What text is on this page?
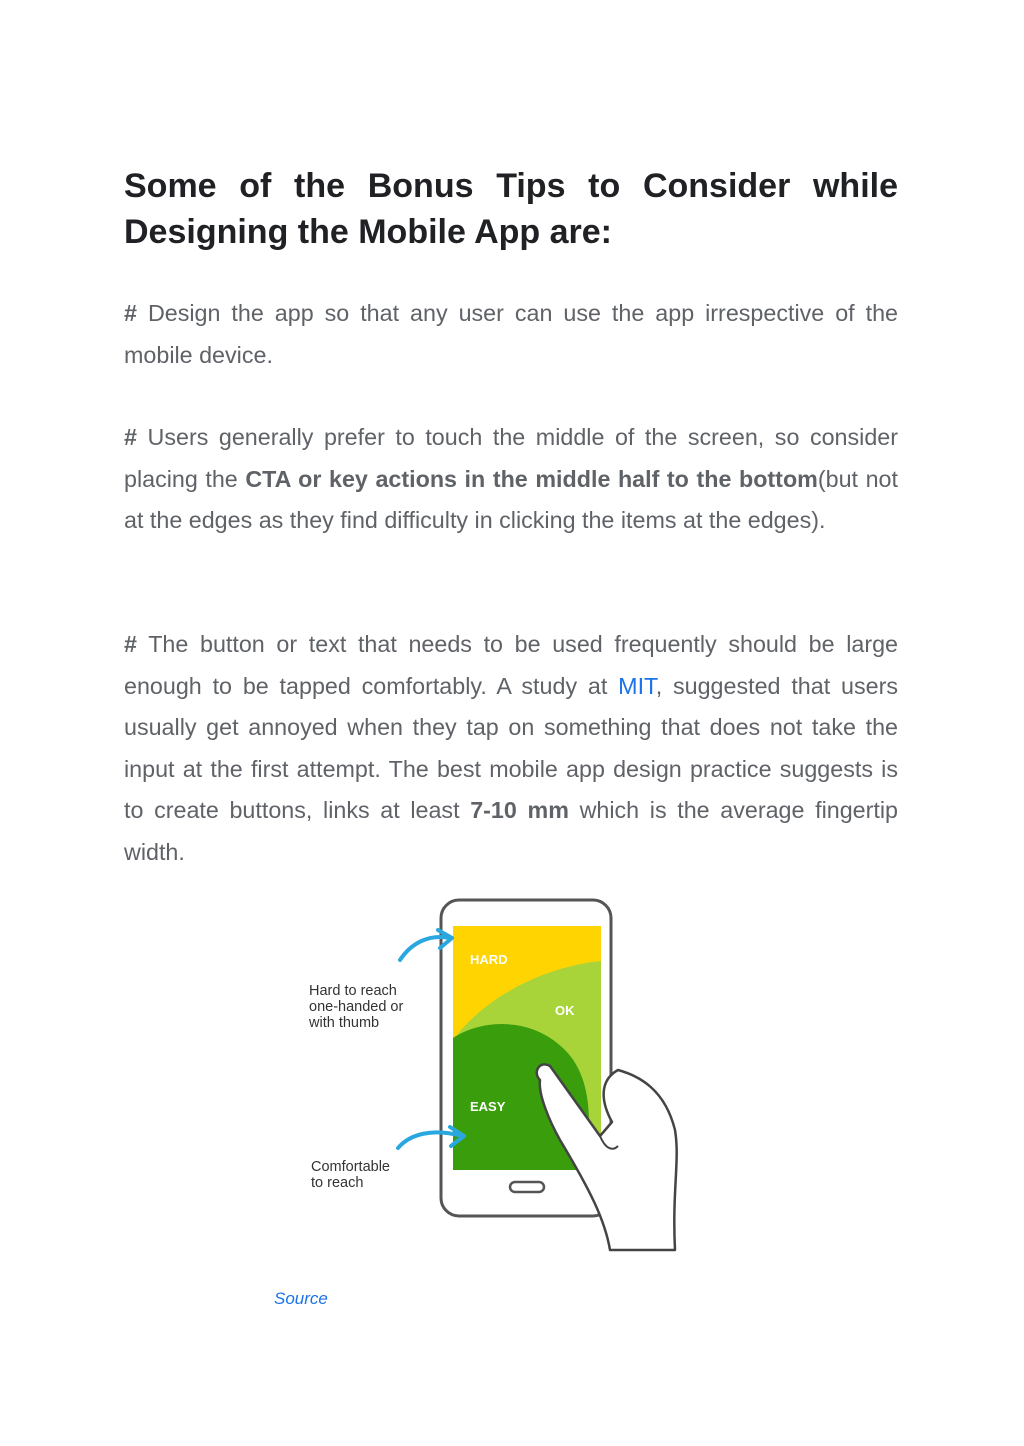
Some of the Bonus Tips to Consider while Designing the Mobile App are:

# Design the app so that any user can use the app irrespective of the mobile device.

# Users generally prefer to touch the middle of the screen, so consider placing the CTA or key actions in the middle half to the bottom(but not at the edges as they find difficulty in clicking the items at the edges).

# The button or text that needs to be used frequently should be large enough to be tapped comfortably. A study at MIT, suggested that users usually get annoyed when they tap on something that does not take the input at the first attempt. The best mobile app design practice suggests is to create buttons, links at least 7-10 mm which is the average fingertip width.

HARD
OK
EASY
Hard to reach one-handed or with thumb
Comfortable to reach
Source
